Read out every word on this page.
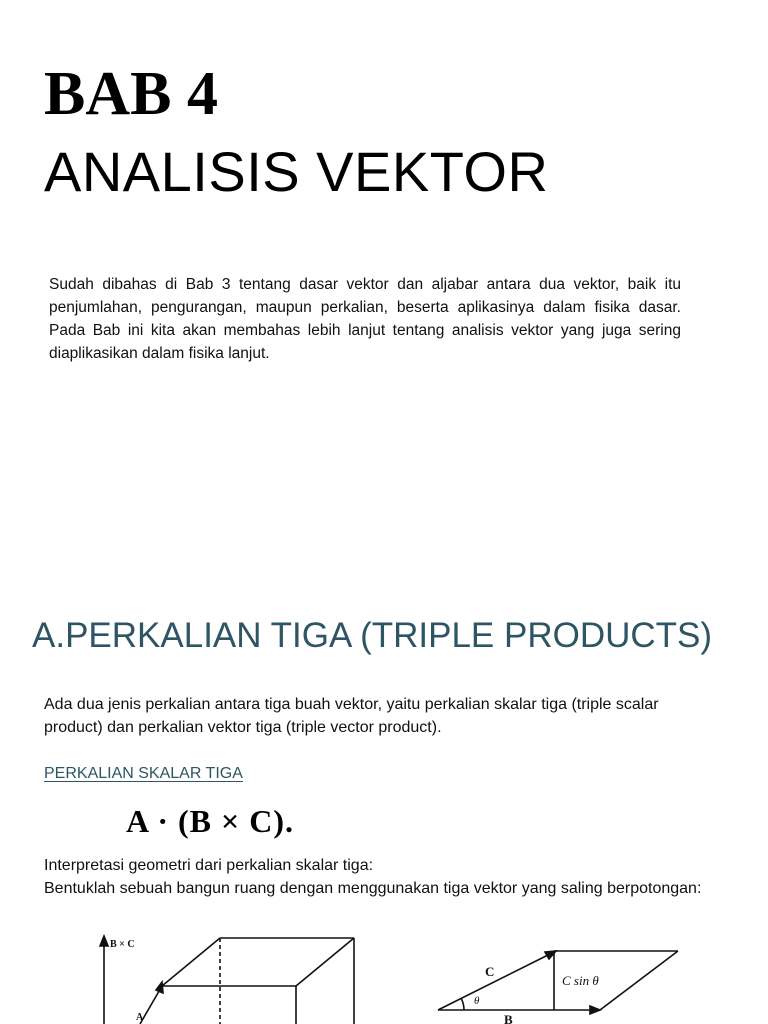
BAB 4
ANALISIS VEKTOR

Sudah dibahas di Bab 3 tentang dasar vektor dan aljabar antara dua vektor, baik itu penjumlahan, pengurangan, maupun perkalian, beserta aplikasinya dalam fisika dasar. Pada Bab ini kita akan membahas lebih lanjut tentang analisis vektor yang juga sering diaplikasikan dalam fisika lanjut.

A.PERKALIAN TIGA (TRIPLE PRODUCTS)

Ada dua jenis perkalian antara tiga buah vektor, yaitu perkalian skalar tiga (triple scalar product) dan perkalian vektor tiga (triple vector product).

PERKALIAN SKALAR TIGA

A · (B × C).
Interpretasi geometri dari perkalian skalar tiga:
Bentuklah sebuah bangun ruang dengan menggunakan tiga vektor yang saling berpotongan:
B × C
A
C
B
C sin θ
θ
